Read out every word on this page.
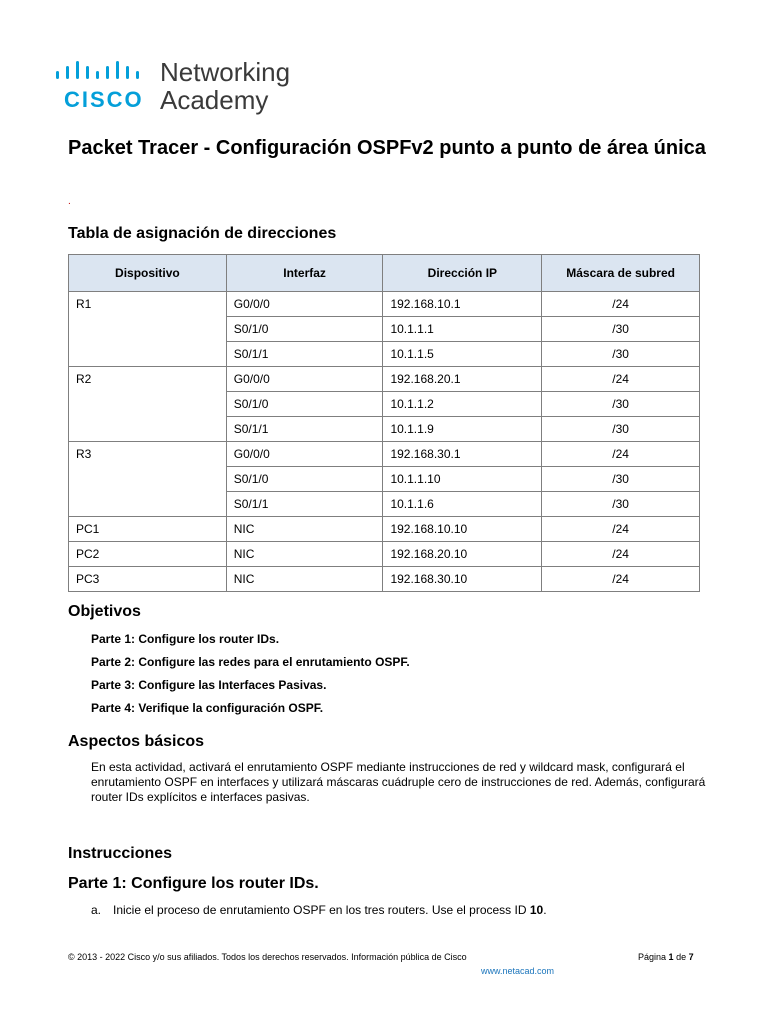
CISCO
Networking
Academy
Packet Tracer - Configuración OSPFv2 punto a punto de área única
.
Tabla de asignación de direcciones
Dispositivo	Interfaz	Dirección IP	Máscara de subred
R1	G0/0/0	192.168.10.1	/24
	S0/1/0	10.1.1.1	/30
	S0/1/1	10.1.1.5	/30
R2	G0/0/0	192.168.20.1	/24
	S0/1/0	10.1.1.2	/30
	S0/1/1	10.1.1.9	/30
R3	G0/0/0	192.168.30.1	/24
	S0/1/0	10.1.1.10	/30
	S0/1/1	10.1.1.6	/30
PC1	NIC	192.168.10.10	/24
PC2	NIC	192.168.20.10	/24
PC3	NIC	192.168.30.10	/24
Objetivos
Parte 1: Configure los router IDs.
Parte 2: Configure las redes para el enrutamiento OSPF.
Parte 3: Configure las Interfaces Pasivas.
Parte 4: Verifique la configuración OSPF.
Aspectos básicos

En esta actividad, activará el enrutamiento OSPF mediante instrucciones de red y wildcard mask, configurará el enrutamiento OSPF en interfaces y utilizará máscaras cuádruple cero de instrucciones de red. Además, configurará router IDs explícitos e interfaces pasivas.

Instrucciones
Parte 1: Configure los router IDs.
a. Inicie el proceso de enrutamiento OSPF en los tres routers. Use el process ID 10.
© 2013 - 2022 Cisco y/o sus afiliados. Todos los derechos reservados. Información pública de Cisco	Página 1 de 7
www.netacad.com
